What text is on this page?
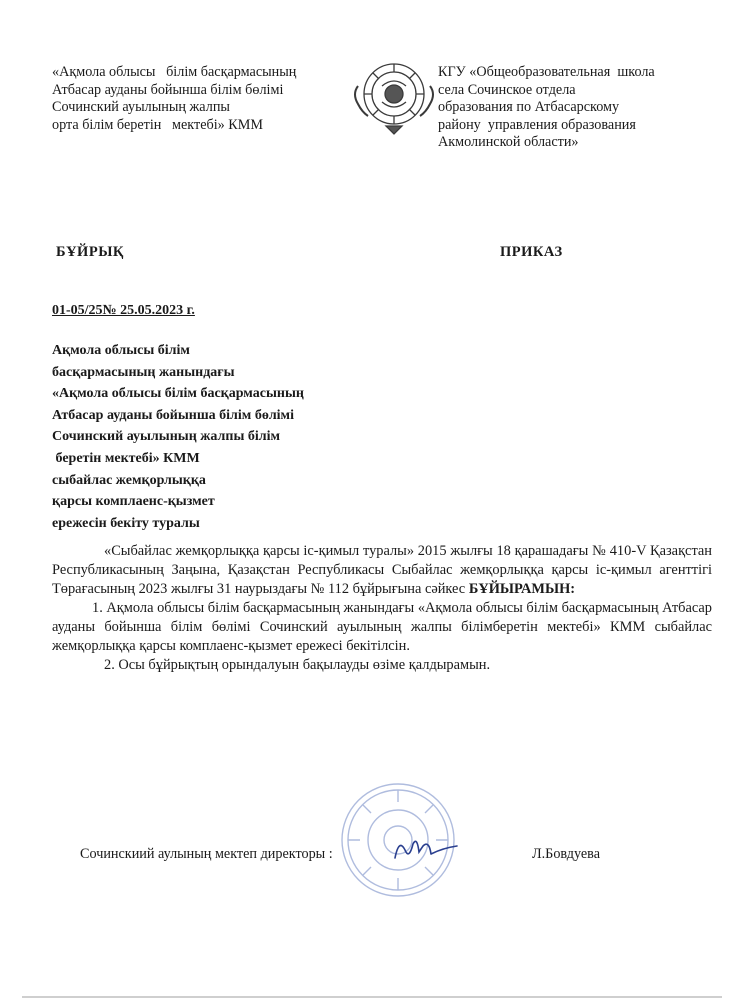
«Ақмола облысы   білім басқармасының
Атбасар ауданы бойынша білім бөлімі
Сочинский ауылының жалпы
орта білім беретін   мектебі» КММ
КГУ «Общеобразовательная  школа
села Сочинское отдела
образования по Атбасарскому
району  управления образования
Акмолинской области»
БҰЙРЫҚ	ПРИКАЗ
01-05/25№ 25.05.2023 г.
Ақмола облысы білім
басқармасының жанындағы
«Ақмола облысы білім басқармасының
Атбасар ауданы бойынша білім бөлімі
Сочинский ауылының жалпы білім
беретін мектебі» КММ
сыбайлас жемқорлыққа
қарсы комплаенс-қызмет
ережесін бекіту туралы

«Сыбайлас жемқорлыққа қарсы іс-қимыл туралы» 2015 жылғы 18 қарашадағы № 410-V Қазақстан Республикасының Заңына, Қазақстан Республикасы Сыбайлас жемқорлыққа қарсы іс-қимыл агенттігі Төрағасының 2023 жылғы 31 наурыздағы № 112 бұйрығына сәйкес БҰЙЫРАМЫН:

1. Ақмола облысы білім басқармасының жанындағы «Ақмола облысы білім басқармасының Атбасар ауданы бойынша білім бөлімі Сочинский ауылының жалпы білімберетін мектебі» КММ сыбайлас жемқорлыққа қарсы комплаенс-қызмет ережесі бекітілсін.

2. Осы бұйрықтың орындалуын бақылауды өзіме қалдырамын.

Сочинскиий аулының мектеп директоры :	Л.Бовдуева
